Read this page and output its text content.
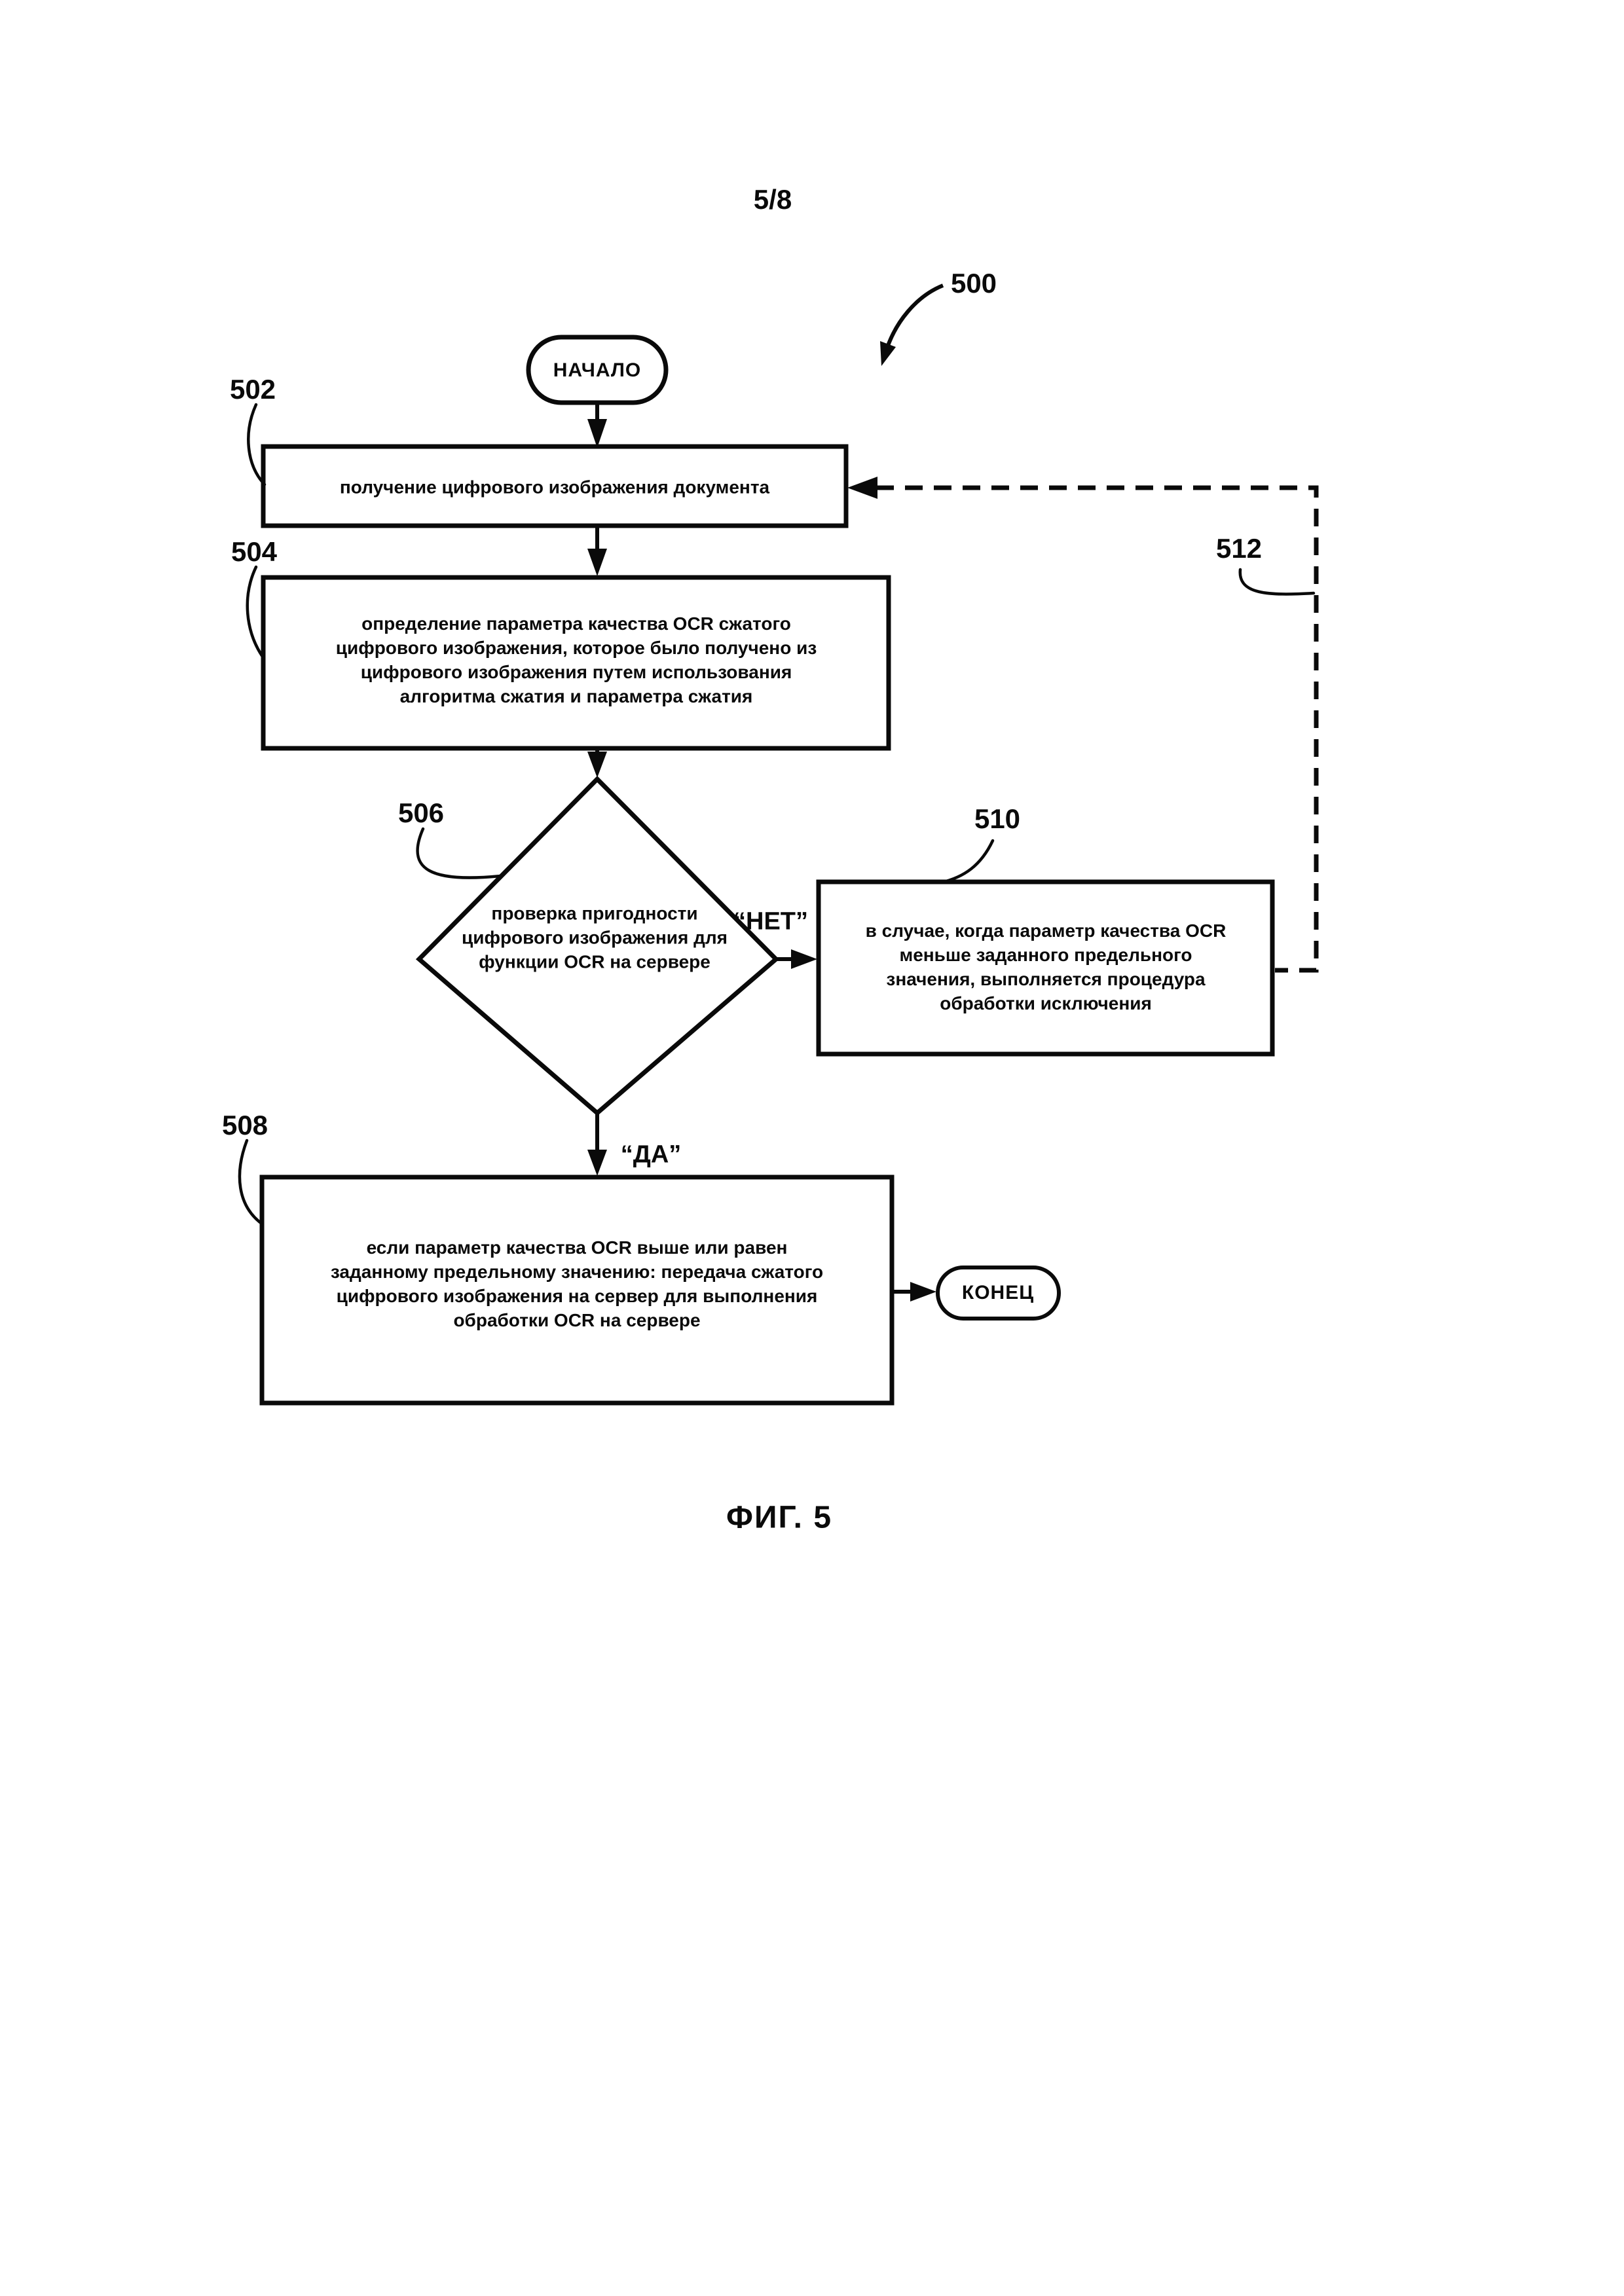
5/8
500
НАЧАЛО
502
получение цифрового изображения документа
504
определение параметра качества OCR сжатого
цифрового изображения, которое было получено из
цифрового изображения путем использования
алгоритма сжатия и параметра сжатия
506
проверка пригодности
цифрового изображения для
функции OCR на сервере
“НЕТ”
510
в случае, когда параметр качества OCR
меньше заданного предельного
значения, выполняется процедура
обработки исключения
512
“ДА”
508
если параметр качества OCR выше или равен
заданному предельному значению: передача сжатого
цифрового изображения на сервер для выполнения
обработки OCR на сервере
КОНЕЦ
ФИГ. 5
